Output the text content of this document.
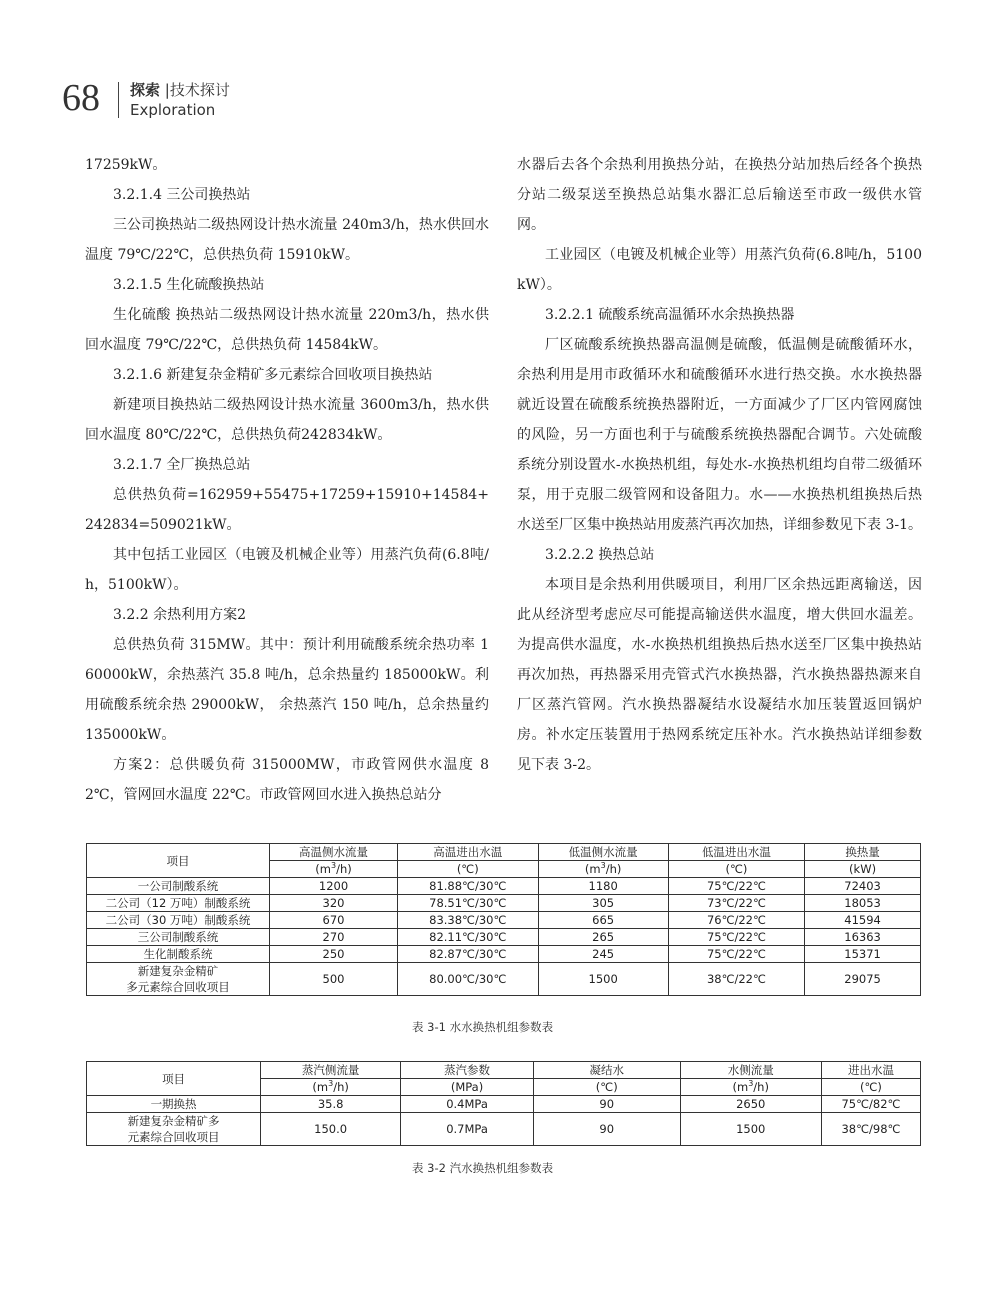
68 探索 |技术探讨
Exploration

17259kW。

3.2.1.4 三公司换热站

三公司换热站二级热网设计热水流量 240m3/h，热水供回水温度 79℃/22℃，总供热负荷 15910kW。

3.2.1.5 生化硫酸换热站

生化硫酸 换热站二级热网设计热水流量 220m3/h，热水供回水温度 79℃/22℃，总供热负荷 14584kW。

3.2.1.6 新建复杂金精矿多元素综合回收项目换热站

新建项目换热站二级热网设计热水流量 3600m3/h，热水供回水温度 80℃/22℃，总供热负荷242834kW。

3.2.1.7 全厂换热总站

总供热负荷=162959+55475+17259+15910+14584+242834=509021kW。

其中包括工业园区（电镀及机械企业等）用蒸汽负荷(6.8吨/h，5100kW）。

3.2.2 余热利用方案2

总供热负荷 315MW。其中：预计利用硫酸系统余热功率 160000kW，余热蒸汽 35.8 吨/h，总余热量约 185000kW。利用硫酸系统余热 29000kW， 余热蒸汽 150 吨/h，总余热量约 135000kW。

方案2：总供暖负荷 315000MW，市政管网供水温度 82℃，管网回水温度 22℃。市政管网回水进入换热总站分

水器后去各个余热利用换热分站，在换热分站加热后经各个换热分站二级泵送至换热总站集水器汇总后输送至市政一级供水管网。

工业园区（电镀及机械企业等）用蒸汽负荷(6.8吨/h，5100kW）。

3.2.2.1 硫酸系统高温循环水余热换热器

厂区硫酸系统换热器高温侧是硫酸，低温侧是硫酸循环水，余热利用是用市政循环水和硫酸循环水进行热交换。水水换热器就近设置在硫酸系统换热器附近，一方面减少了厂区内管网腐蚀的风险，另一方面也利于与硫酸系统换热器配合调节。六处硫酸系统分别设置水-水换热机组，每处水-水换热机组均自带二级循环泵，用于克服二级管网和设备阻力。水——水换热机组换热后热水送至厂区集中换热站用废蒸汽再次加热，详细参数见下表 3-1。

3.2.2.2 换热总站

本项目是余热利用供暖项目，利用厂区余热远距离输送，因此从经济型考虑应尽可能提高输送供水温度，增大供回水温差。为提高供水温度，水-水换热机组换热后热水送至厂区集中换热站再次加热，再热器采用壳管式汽水换热器，汽水换热器热源来自厂区蒸汽管网。汽水换热器凝结水设凝结水加压装置返回锅炉房。补水定压装置用于热网系统定压补水。汽水换热站详细参数见下表 3-2。

项目	高温侧水流量	高温进出水温	低温侧水流量	低温进出水温	换热量
	$(m^3/h)$	(℃)	$(m^3/h)$	(℃)	(kW)

一公司制酸系统	1200	81.88℃/30℃	1180	75℃/22℃	72403

二公司（12 万吨）制酸系统	320	78.51℃/30℃	305	73℃/22℃	18053

二公司（30 万吨）制酸系统	670	83.38℃/30℃	665	76℃/22℃	41594

三公司制酸系统	270	82.11℃/30℃	265	75℃/22℃	16363

生化制酸系统	250	82.87℃/30℃	245	75℃/22℃	15371

新建复杂金精矿
多元素综合回收项目	500	80.00℃/30℃	1500	38℃/22℃	29075
表 3-1 水水换热机组参数表
项目	蒸汽侧流量	蒸汽参数	凝结水	水侧流量	进出水温
	$(m^3/h)$	(MPa)	(℃)	$(m^3/h)$	(℃)

一期换热	35.8	0.4MPa	90	2650	75℃/82℃

新建复杂金精矿多
元素综合回收项目	150.0	0.7MPa	90	1500	38℃/98℃
表 3-2 汽水换热机组参数表
